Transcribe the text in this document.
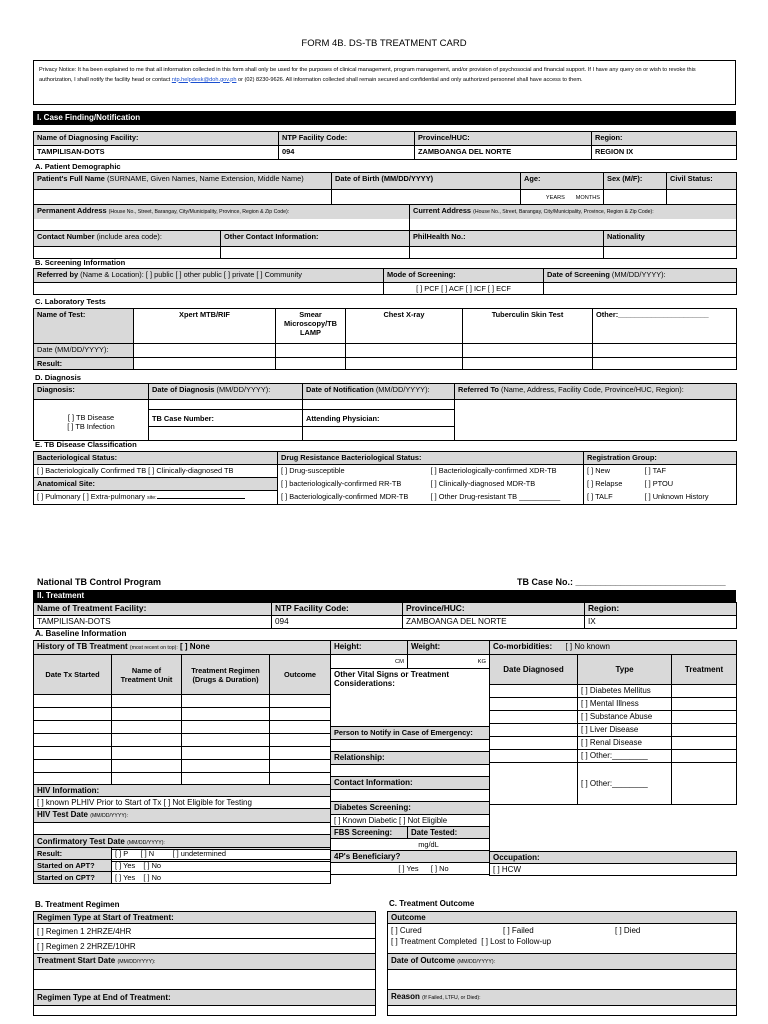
FORM 4B. DS-TB TREATMENT CARD
Privacy Notice: It ha been explained to me that all information collected in this form shall only be used for the purposes of clinical management, program management, and/or provision of psychosocial and financial support. If I have any query on or wish to revoke this authorization, I shall notify the facility head or contact ntp.helpdesk@doh.gov.ph or (02) 8230-9626. All information collected shall remain secured and confidential and only authorized personnel shall have access to them.
I. Case Finding/Notification
Name of Diagnosing Facility:	NTP Facility Code:	Province/HUC:	Region:
TAMPILISAN-DOTS	094	ZAMBOANGA DEL NORTE	REGION IX
A. Patient Demographic
Patient's Full Name (SURNAME, Given Names, Name Extension, Middle Name)		Date of Birth (MM/DD/YYYY)		Age:	Sex (M/F):	Civil Status:
				YEARS MONTHS		
Permanent Address (House No., Street, Barangay, City/Municipality, Province, Region & Zip Code):			Current Address (House No., Street, Barangay, City/Municipality, Province, Region & Zip Code):			

Contact Number (include area code):	Other Contact Information:		PhilHealth No.:		Nationality	

B. Screening Information
Referred by (Name & Location): [ ] public [ ] other public [ ] private [ ] Community	Mode of Screening:	Date of Screening (MM/DD/YYYY):
	[ ] PCF [ ] ACF [ ] ICF [ ] ECF	
C. Laboratory Tests
Name of Test:	Xpert MTB/RIF	Smear Microscopy/TB LAMP	Chest X-ray	Tuberculin Skin Test	Other:______________________
Date (MM/DD/YYYY):					
Result:					
D. Diagnosis
Diagnosis:	Date of Diagnosis (MM/DD/YYYY):	Date of Notification (MM/DD/YYYY):	Referred To (Name, Address, Facility Code, Province/HUC, Region):

[ ] TB Disease
[ ] TB Infection			

	TB Case Number:	Attending Physician:	

E. TB Disease Classification
Bacteriological Status:	Drug Resistance Bacteriological Status:		Registration Group:	
[ ] Bacteriologically Confirmed TB [ ] Clinically-diagnosed TB	[ ] Drug-susceptible	[ ] Bacteriologically-confirmed XDR-TB	[ ] New	[ ] TAF
Anatomical Site:	[ ] bacteriologically-confirmed RR-TB	[ ] Clinically-diagnosed MDR-TB	[ ] Relapse	[ ] PTOU
[ ] Pulmonary [ ] Extra-pulmonary site:	[ ] Bacteriologically-confirmed MDR-TB	[ ] Other Drug-resistant TB __________	[ ] TALF	[ ] Unknown History
National TB Control Program	TB Case No.: ______________________________
II. Treatment
Name of Treatment Facility:	NTP Facility Code:	Province/HUC:	Region:
TAMPILISAN-DOTS	094	ZAMBOANGA DEL NORTE	IX
A. Baseline Information
History of TB Treatment (most recent on top): [ ] None			
Date Tx Started	Name of Treatment Unit	Treatment Regimen (Drugs & Duration)	Outcome

HIV Information:			
[ ] known PLHIV Prior to Start of Tx [ ] Not Eligible for Testing			
HIV Test Date (MM/DD/YYYY):			

Confirmatory Test Date (MM/DD/YYYY):			

Result:	[ ] P [ ] N [ ] undetermined
Started on APT?	[ ] Yes [ ] No
Started on CPT?	[ ] Yes [ ] No
Height:	Weight:
CM	KG
Other Vital Signs or Treatment Considerations:	
Person to Notify in Case of Emergency:	

Relationship:	

Contact Information:	

Diabetes Screening:	
[ ] Known Diabetic [ ] Not Eligible	
FBS Screening:	Date Tested:
mg/dL	
4P's Beneficiary?	
[ ] Yes [ ] No	
Co-morbidities: [ ] No known		
Date Diagnosed	Type	Treatment
	[ ] Diabetes Mellitus	
	[ ] Mental Illness	
	[ ] Substance Abuse	
	[ ] Liver Disease	
	[ ] Renal Disease	
	[ ] Other:________	
	[ ] Other:________	

Occupation:		
[ ] HCW		
B. Treatment Regimen
Regimen Type at Start of Treatment:
[ ] Regimen 1 2HRZE/4HR
[ ] Regimen 2 2HRZE/10HR
Treatment Start Date (MM/DD/YYYY):

Regimen Type at End of Treatment:

C. Treatment Outcome
Outcome

[ ] Cured	[ ] Failed	[ ] Died
[ ] Treatment Completed [ ] Lost to Follow-up

Date of Outcome (MM/DD/YYYY):

Reason (If Failed, LTFU, or Died):
